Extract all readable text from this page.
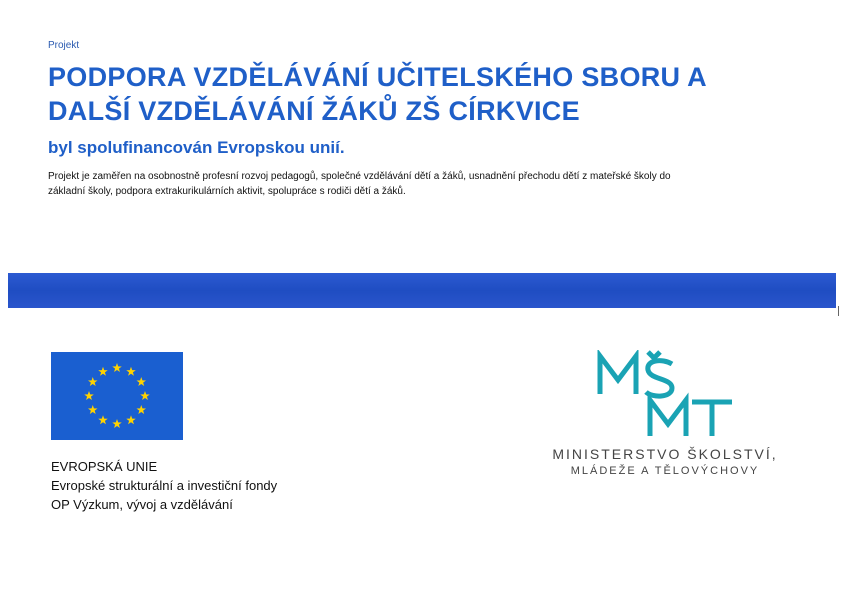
Projekt
PODPORA VZDĚLÁVÁNÍ UČITELSKÉHO SBORU A
DALŠÍ VZDĚLÁVÁNÍ ŽÁKŮ ZŠ CÍRKVICE
byl spolufinancován Evropskou unií.
Projekt je zaměřen na osobnostně profesní rozvoj pedagogů, společné vzdělávání dětí a žáků, usnadnění přechodu dětí z mateřské školy do
základní školy, podpora extrakurikulárních aktivit, spolupráce s rodiči dětí a žáků.
EVROPSKÁ UNIE
Evropské strukturální a investiční fondy
OP Výzkum, vývoj a vzdělávání
MINISTERSTVO ŠKOLSTVÍ,
MLÁDEŽE A TĚLOVÝCHOVY
